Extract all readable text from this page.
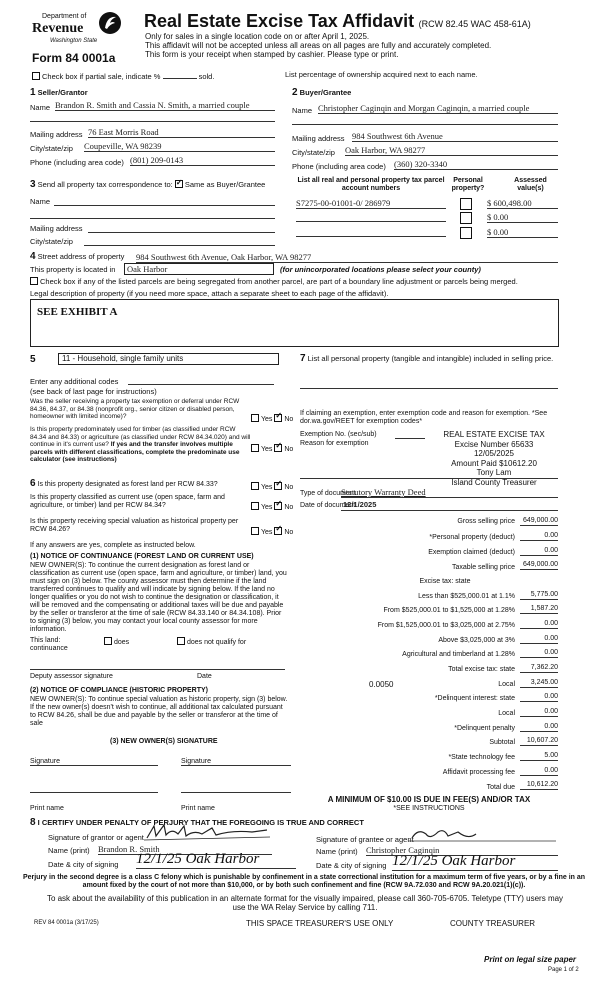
Department of
Revenue
Washington State
Form 84 0001a
Real Estate Excise Tax Affidavit (RCW 82.45 WAC 458-61A)
Only for sales in a single location code on or after April 1, 2025.
This affidavit will not be accepted unless all areas on all pages are fully and accurately completed.
This form is your receipt when stamped by cashier. Please type or print.
Check box if partial sale, indicate %	sold.	List percentage of ownership acquired next to each name.
1 Seller/Grantor
Name Brandon R. Smith and Cassia N. Smith, a married couple
Mailing address 76 East Morris Road
City/state/zip Coupeville, WA 98239
Phone (including area code) (801) 209-0143
2 Buyer/Grantee
Name Christopher Caginqin and Morgan Caginqin, a married couple
Mailing address 984 Southwest 6th Avenue
City/state/zip Oak Harbor, WA 98277
Phone (including area code) (360) 320-3340
3 Send all property tax correspondence to: ✓ Same as Buyer/Grantee
Name
Mailing address
City/state/zip
List all real and personal property tax parcel account numbers
Personal property?
Assessed value(s)
S7275-00-01001-0/ 286979	$ 600,498.00
$ 0.00
$ 0.00
4 Street address of property 984 Southwest 6th Avenue, Oak Harbor, WA 98277
This property is located in	Oak Harbor	(for unincorporated locations please select your county)
Check box if any of the listed parcels are being segregated from another parcel, are part of a boundary line adjustment or parcels being merged.
Legal description of property (if you need more space, attach a separate sheet to each page of the affidavit).
SEE EXHIBIT A
5	11 - Household, single family units
Enter any additional codes
(see back of last page for instructions)
Was the seller receiving a property tax exemption or deferral under RCW 84.36, 84.37, or 84.38 (nonprofit org., senior citizen or disabled person, homeowner with limited income)?	Yes ✓ No
Is this property predominately used for timber (as classified under RCW 84.34 and 84.33) or agriculture (as classified under RCW 84.34.020) and will continue in it's current use? If yes and the transfer involves multiple parcels with different classifications, complete the predominate use calculator (see instructions)
Yes ✓ No
6 Is this property designated as forest land per RCW 84.33?	Yes ✓ No
Is this property classified as current use (open space, farm and agriculture, or timber) land per RCW 84.34?	Yes ✓ No
Is this property receiving special valuation as historical property per RCW 84.26?	Yes ✓ No
If any answers are yes, complete as instructed below.
(1) NOTICE OF CONTINUANCE (FOREST LAND OR CURRENT USE)
NEW OWNER(S): To continue the current designation as forest land or classification as current use (open space, farm and agriculture, or timber) land, you must sign on (3) below. The county assessor must then determine if the land transferred continues to qualify and will indicate by signing below. If the land no longer qualifies or you do not wish to continue the designation or classification, it will be removed and the compensating or additional taxes will be due and payable by the seller or transferor at the time of sale (RCW 84.33.140 or 84.34.108). Prior to signing (3) below, you may contact your local county assessor for more information.
This land:
continuance
does	does not qualify for
Deputy assessor signature	Date
(2) NOTICE OF COMPLIANCE (HISTORIC PROPERTY)
NEW OWNER(S): To continue special valuation as historic property, sign (3) below. If the new owner(s) doesn't wish to continue, all additional tax calculated pursuant to RCW 84.26, shall be due and payable by the seller or transferor at the time of sale
(3) NEW OWNER(S) SIGNATURE
Signature	Signature
Print name	Print name
7 List all personal property (tangible and intangible) included in selling price.
If claiming an exemption, enter exemption code and reason for exemption. *See dor.wa.gov/REET for exemption codes*
Exemption No. (sec/sub)
Reason for exemption
REAL ESTATE EXCISE TAX
Excise Number 65633
12/05/2025
Amount Paid $10612.20
Tony Lam
Island County Treasurer
Type of document
Statutory Warranty Deed
Date of document
12/1/2025
Gross selling price	649,000.00
*Personal property (deduct)	0.00
Exemption claimed (deduct)	0.00
Taxable selling price	649,000.00
Excise tax: state
Less than $525,000.01 at 1.1%	5,775.00
From $525,000.01 to $1,525,000 at 1.28%	1,587.20
From $1,525,000.01 to $3,025,000 at 2.75%	0.00
Above $3,025,000 at 3%	0.00
Agricultural and timberland at 1.28%	0.00
Total excise tax: state	7,362.20
0.0050	Local	3,245.00
*Delinquent interest: state	0.00
Local	0.00
*Delinquent penalty	0.00
Subtotal	10,607.20
*State technology fee	5.00
Affidavit processing fee	0.00
Total due	10,612.20
A MINIMUM OF $10.00 IS DUE IN FEE(S) AND/OR TAX
*SEE INSTRUCTIONS
8 I CERTIFY UNDER PENALTY OF PERJURY THAT THE FOREGOING IS TRUE AND CORRECT
Signature of grantor or agent	Signature of grantee or agent
Name (print) Brandon R. Smith	Name (print) Christopher Caginqin
Date & city of signing 12/1/25 Oak Harbor	Date & city of signing 12/1/25 Oak Harbor
Perjury in the second degree is a class C felony which is punishable by confinement in a state correctional institution for a maximum term of five years, or by a fine in an amount fixed by the court of not more than $10,000, or by both such confinement and fine (RCW 9A.72.030 and RCW 9A.20.021(1)(c)).
To ask about the availability of this publication in an alternate format for the visually impaired, please call 360-705-6705. Teletype (TTY) users may use the WA Relay Service by calling 711.
REV 84 0001a (3/17/25)	THIS SPACE TREASURER'S USE ONLY	COUNTY TREASURER
Print on legal size paper
Page 1 of 2
